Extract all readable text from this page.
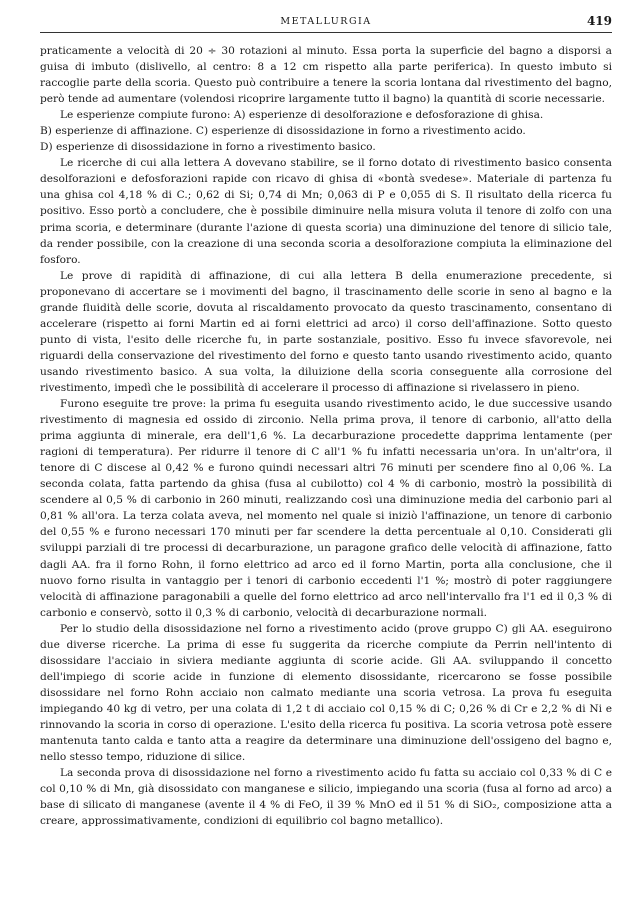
METALLURGIA	419

praticamente a velocità di 20 ÷ 30 rotazioni al minuto. Essa porta la superficie del bagno a disporsi a guisa di imbuto (dislivello, al centro: 8 a 12 cm rispetto alla parte periferica). In questo imbuto si raccoglie parte della scoria. Questo può contribuire a tenere la scoria lontana dal rivestimento del bagno, però tende ad aumentare (volendosi ricoprire largamente tutto il bagno) la quantità di scorie necessarie.

Le esperienze compiute furono: A) esperienze di desolforazione e defosforazione di ghisa.

B) esperienze di affinazione. C) esperienze di disossidazione in forno a rivestimento acido.

D) esperienze di disossidazione in forno a rivestimento basico.

Le ricerche di cui alla lettera A dovevano stabilire, se il forno dotato di rivestimento basico consenta desolforazioni e defosforazioni rapide con ricavo di ghisa di «bontà svedese». Materiale di partenza fu una ghisa col 4,18 % di C.; 0,62 di Si; 0,74 di Mn; 0,063 di P e 0,055 di S. Il risultato della ricerca fu positivo. Esso portò a concludere, che è possibile diminuire nella misura voluta il tenore di zolfo con una prima scoria, e determinare (durante l'azione di questa scoria) una diminuzione del tenore di silicio tale, da render possibile, con la creazione di una seconda scoria a desolforazione compiuta la eliminazione del fosforo.

Le prove di rapidità di affinazione, di cui alla lettera B della enumerazione precedente, si proponevano di accertare se i movimenti del bagno, il trascinamento delle scorie in seno al bagno e la grande fluidità delle scorie, dovuta al riscaldamento provocato da questo trascinamento, consentano di accelerare (rispetto ai forni Martin ed ai forni elettrici ad arco) il corso dell'affinazione. Sotto questo punto di vista, l'esito delle ricerche fu, in parte sostanziale, positivo. Esso fu invece sfavorevole, nei riguardi della conservazione del rivestimento del forno e questo tanto usando rivestimento acido, quanto usando rivestimento basico. A sua volta, la diluizione della scoria conseguente alla corrosione del rivestimento, impedì che le possibilità di accelerare il processo di affinazione si rivelassero in pieno.

Furono eseguite tre prove: la prima fu eseguita usando rivestimento acido, le due successive usando rivestimento di magnesia ed ossido di zirconio. Nella prima prova, il tenore di carbonio, all'atto della prima aggiunta di minerale, era dell'1,6 %. La decarburazione procedette dapprima lentamente (per ragioni di temperatura). Per ridurre il tenore di C all'1 % fu infatti necessaria un'ora. In un'altr'ora, il tenore di C discese al 0,42 % e furono quindi necessari altri 76 minuti per scendere fino al 0,06 %. La seconda colata, fatta partendo da ghisa (fusa al cubilotto) col 4 % di carbonio, mostrò la possibilità di scendere al 0,5 % di carbonio in 260 minuti, realizzando così una diminuzione media del carbonio pari al 0,81 % all'ora. La terza colata aveva, nel momento nel quale si iniziò l'affinazione, un tenore di carbonio del 0,55 % e furono necessari 170 minuti per far scendere la detta percentuale al 0,10. Considerati gli sviluppi parziali di tre processi di decarburazione, un paragone grafico delle velocità di affinazione, fatto dagli AA. fra il forno Rohn, il forno elettrico ad arco ed il forno Martin, porta alla conclusione, che il nuovo forno risulta in vantaggio per i tenori di carbonio eccedenti l'1 %; mostrò di poter raggiungere velocità di affinazione paragonabili a quelle del forno elettrico ad arco nell'intervallo fra l'1 ed il 0,3 % di carbonio e conservò, sotto il 0,3 % di carbonio, velocità di decarburazione normali.

Per lo studio della disossidazione nel forno a rivestimento acido (prove gruppo C) gli AA. eseguirono due diverse ricerche. La prima di esse fu suggerita da ricerche compiute da Perrin nell'intento di disossidare l'acciaio in siviera mediante aggiunta di scorie acide. Gli AA. sviluppando il concetto dell'impiego di scorie acide in funzione di elemento disossidante, ricercarono se fosse possibile disossidare nel forno Rohn acciaio non calmato mediante una scoria vetrosa. La prova fu eseguita impiegando 40 kg di vetro, per una colata di 1,2 t di acciaio col 0,15 % di C; 0,26 % di Cr e 2,2 % di Ni e rinnovando la scoria in corso di operazione. L'esito della ricerca fu positiva. La scoria vetrosa potè essere mantenuta tanto calda e tanto atta a reagire da determinare una diminuzione dell'ossigeno del bagno e, nello stesso tempo, riduzione di silice.

La seconda prova di disossidazione nel forno a rivestimento acido fu fatta su acciaio col 0,33 % di C e col 0,10 % di Mn, già disossidato con manganese e silicio, impiegando una scoria (fusa al forno ad arco) a base di silicato di manganese (avente il 4 % di FeO, il 39 % MnO ed il 51 % di SiO₂, composizione atta a creare, approssimativamente, condizioni di equilibrio col bagno metallico).
